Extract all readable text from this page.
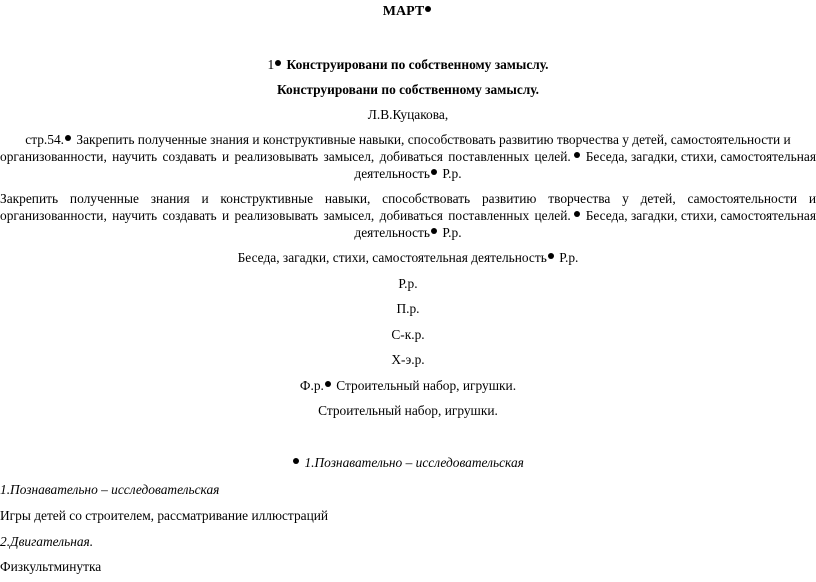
МАРТ
1 Конструировани по собственному замыслу.
Конструировани по собственному замыслу.
Л.В.Куцакова,
стр.54. Закрепить полученные знания и конструктивные навыки, способствовать развитию творчества у детей, самостоятельности и
организованности, научить создавать и реализовывать замысел, добиваться поставленных целей.	Беседа, загадки, стихи, самостоятельная
деятельность Р.р.
Закрепить полученные знания и конструктивные навыки, способствовать развитию творчества у детей, самостоятельности и
организованности, научить создавать и реализовывать замысел, добиваться поставленных целей.	Беседа, загадки, стихи, самостоятельная
деятельность Р.р.
Беседа, загадки, стихи, самостоятельная деятельность Р.р.
Р.р.
П.р.
С-к.р.
Х-э.р.
Ф.р. Строительный набор, игрушки.
Строительный набор, игрушки.
1.Познавательно – исследовательская
1.Познавательно – исследовательская
Игры детей со строителем, рассматривание иллюстраций
2.Двигательная.
Физкультминутка
